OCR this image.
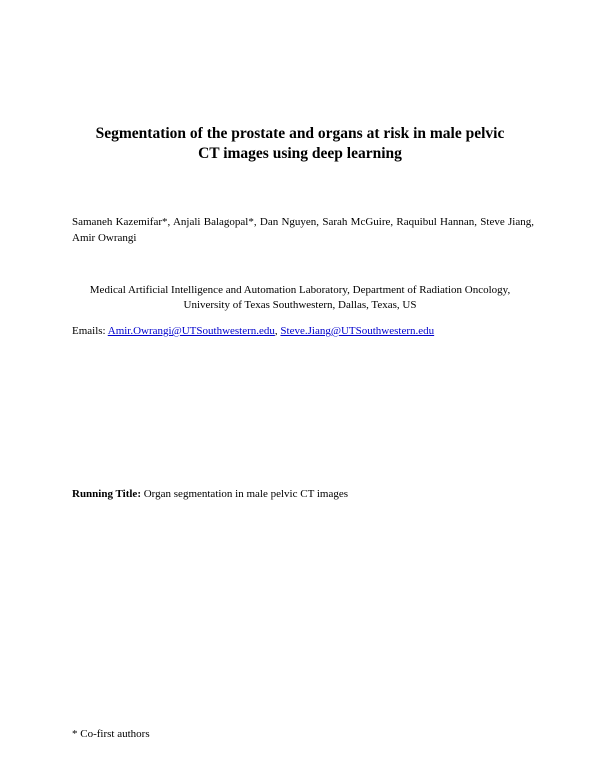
Segmentation of the prostate and organs at risk in male pelvic
CT images using deep learning
Samaneh Kazemifar*, Anjali Balagopal*, Dan Nguyen, Sarah McGuire, Raquibul Hannan, Steve Jiang, Amir Owrangi
Medical Artificial Intelligence and Automation Laboratory, Department of Radiation Oncology,
University of Texas Southwestern, Dallas, Texas, US
Emails: Amir.Owrangi@UTSouthwestern.edu, Steve.Jiang@UTSouthwestern.edu
Running Title: Organ segmentation in male pelvic CT images
* Co-first authors
